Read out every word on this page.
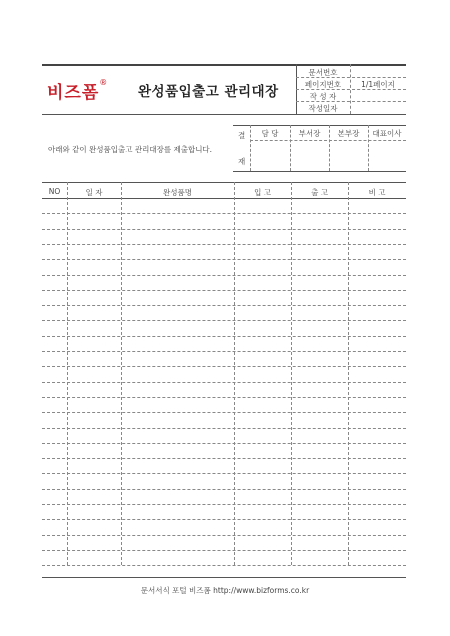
비즈폼®
완성품입출고 관리대장
문서번호
페이지번호	1/1페이지
작 성 자
작성일자
아래와 같이 완성품입출고 관리대장를 제출합니다.
결
재
담 당	부서장	본부장	대표이사
NO	일 자	완성품명	입 고	출 고	비 고
문서서식 포털 비즈폼 http://www.bizforms.co.kr
